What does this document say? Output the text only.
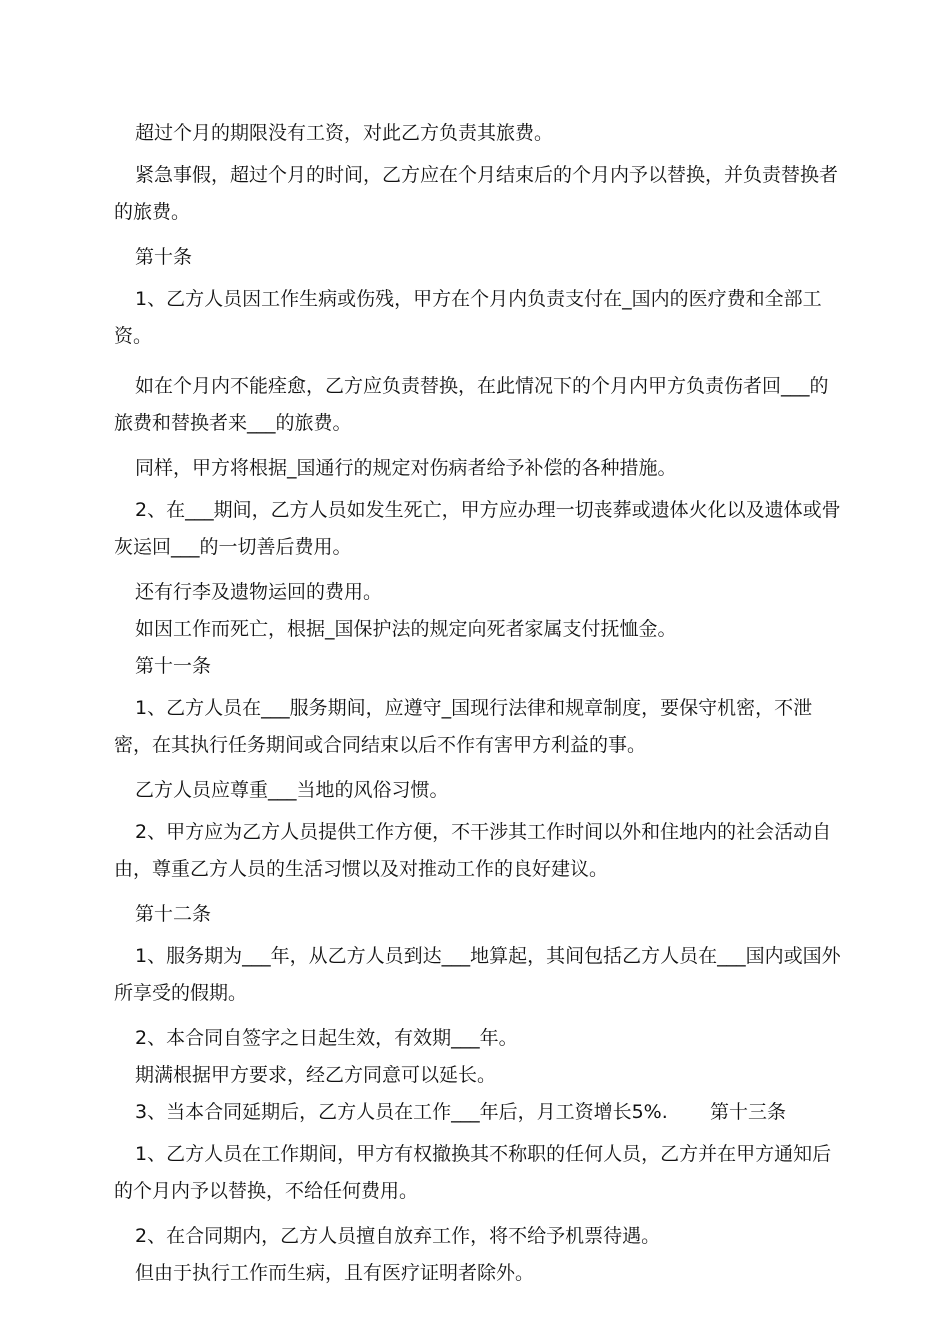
超过个月的期限没有工资，对此乙方负责其旅费。

紧急事假，超过个月的时间，乙方应在个月结束后的个月内予以替换，并负责替换者的旅费。

第十条

1、乙方人员因工作生病或伤残，甲方在个月内负责支付在_国内的医疗费和全部工资。

如在个月内不能痊愈，乙方应负责替换，在此情况下的个月内甲方负责伤者回___的旅费和替换者来___的旅费。

同样，甲方将根据_国通行的规定对伤病者给予补偿的各种措施。

2、在___期间，乙方人员如发生死亡，甲方应办理一切丧葬或遗体火化以及遗体或骨灰运回___的一切善后费用。

还有行李及遗物运回的费用。

如因工作而死亡，根据_国保护法的规定向死者家属支付抚恤金。

第十一条

1、乙方人员在___服务期间，应遵守_国现行法律和规章制度，要保守机密，不泄密，在其执行任务期间或合同结束以后不作有害甲方利益的事。

乙方人员应尊重___当地的风俗习惯。

2、甲方应为乙方人员提供工作方便，不干涉其工作时间以外和住地内的社会活动自由，尊重乙方人员的生活习惯以及对推动工作的良好建议。

第十二条

1、服务期为___年，从乙方人员到达___地算起，其间包括乙方人员在___国内或国外所享受的假期。

2、本合同自签字之日起生效，有效期___年。

期满根据甲方要求，经乙方同意可以延长。

3、当本合同延期后，乙方人员在工作___年后，月工资增长5%.       第十三条

1、乙方人员在工作期间，甲方有权撤换其不称职的任何人员，乙方并在甲方通知后的个月内予以替换，不给任何费用。

2、在合同期内，乙方人员擅自放弃工作，将不给予机票待遇。

但由于执行工作而生病，且有医疗证明者除外。
